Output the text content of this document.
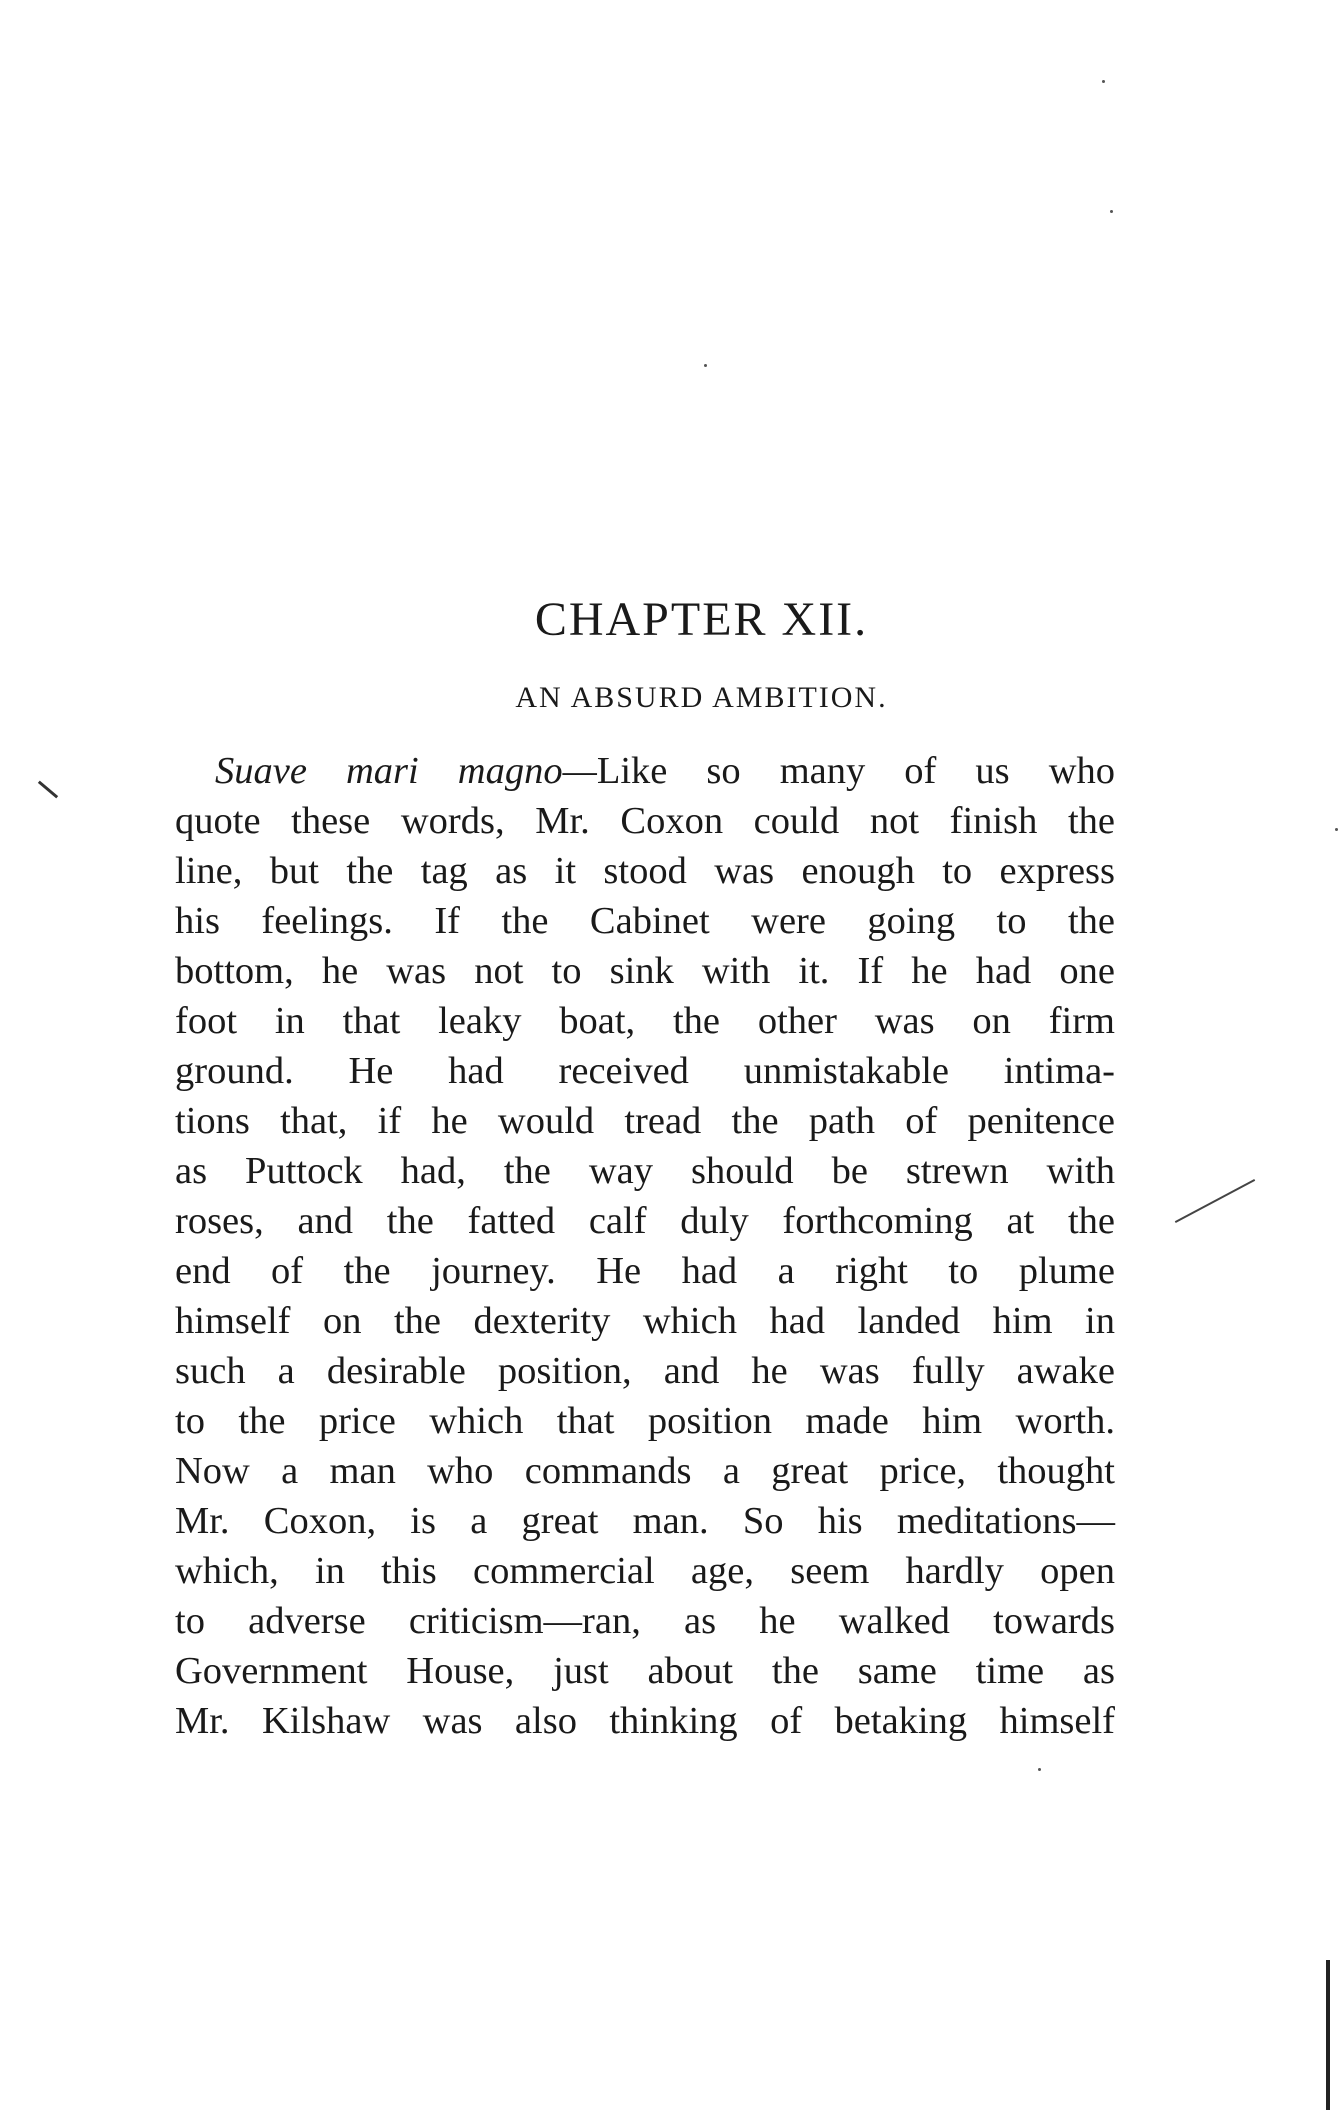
CHAPTER XII.
AN ABSURD AMBITION.
Suave mari magno—Like so many of us who
quote these words, Mr. Coxon could not finish the
line, but the tag as it stood was enough to express
his feelings. If the Cabinet were going to the
bottom, he was not to sink with it. If he had one
foot in that leaky boat, the other was on firm
ground. He had received unmistakable intima-
tions that, if he would tread the path of penitence
as Puttock had, the way should be strewn with
roses, and the fatted calf duly forthcoming at the
end of the journey. He had a right to plume
himself on the dexterity which had landed him in
such a desirable position, and he was fully awake
to the price which that position made him worth.
Now a man who commands a great price, thought
Mr. Coxon, is a great man. So his meditations—
which, in this commercial age, seem hardly open
to adverse criticism—ran, as he walked towards
Government House, just about the same time as
Mr. Kilshaw was also thinking of betaking himself
